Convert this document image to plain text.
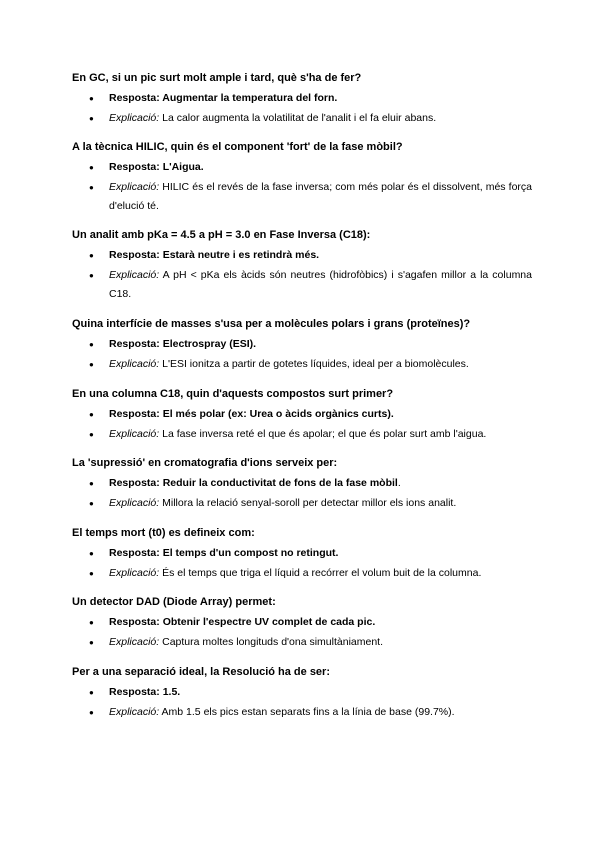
En GC, si un pic surt molt ample i tard, què s'ha de fer?
● Resposta: Augmentar la temperatura del forn.
● Explicació: La calor augmenta la volatilitat de l'analit i el fa eluir abans.
A la tècnica HILIC, quin és el component 'fort' de la fase mòbil?
● Resposta: L'Aigua.
● Explicació: HILIC és el revés de la fase inversa; com més polar és el dissolvent, més força d'elució té.
Un analit amb pKa = 4.5 a pH = 3.0 en Fase Inversa (C18):
● Resposta: Estarà neutre i es retindrà més.
● Explicació: A pH < pKa els àcids són neutres (hidrofòbics) i s'agafen millor a la columna C18.
Quina interfície de masses s'usa per a molècules polars i grans (proteïnes)?
● Resposta: Electrospray (ESI).
● Explicació: L'ESI ionitza a partir de gotetes líquides, ideal per a biomolècules.
En una columna C18, quin d'aquests compostos surt primer?
● Resposta: El més polar (ex: Urea o àcids orgànics curts).
● Explicació: La fase inversa reté el que és apolar; el que és polar surt amb l'aigua.
La 'supressió' en cromatografia d'ions serveix per:
● Resposta: Reduir la conductivitat de fons de la fase mòbil.
● Explicació: Millora la relació senyal-soroll per detectar millor els ions analit.
El temps mort (t0) es defineix com:
● Resposta: El temps d'un compost no retingut.
● Explicació: És el temps que triga el líquid a recórrer el volum buit de la columna.
Un detector DAD (Diode Array) permet:
● Resposta: Obtenir l'espectre UV complet de cada pic.
● Explicació: Captura moltes longituds d'ona simultàniament.
Per a una separació ideal, la Resolució ha de ser:
● Resposta: 1.5.
● Explicació: Amb 1.5 els pics estan separats fins a la línia de base (99.7%).
